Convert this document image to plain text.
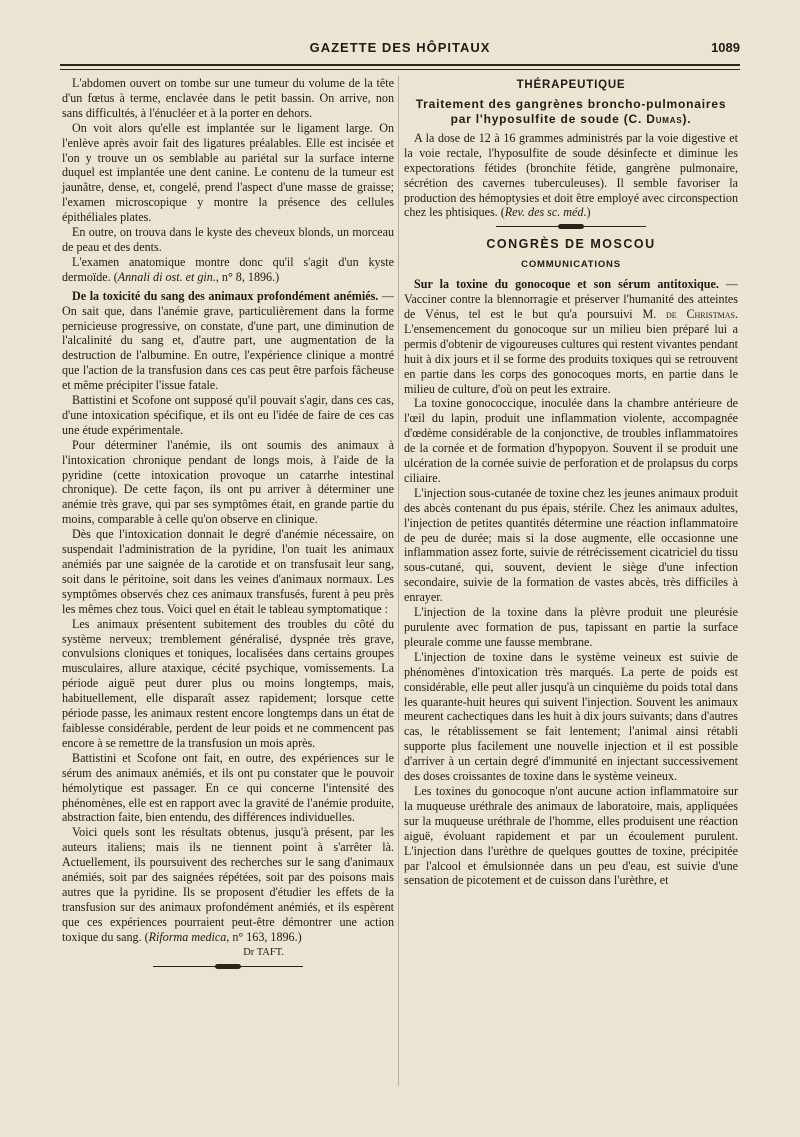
GAZETTE DES HÔPITAUX	1089

L'abdomen ouvert on tombe sur une tumeur du volume de la tête d'un fœtus à terme, enclavée dans le petit bassin. On arrive, non sans difficultés, à l'énucléer et à la porter en dehors.

On voit alors qu'elle est implantée sur le ligament large. On l'enlève après avoir fait des ligatures préalables. Elle est incisée et l'on y trouve un os semblable au pariétal sur la surface interne duquel est implantée une dent canine. Le contenu de la tumeur est jaunâtre, dense, et, congelé, prend l'aspect d'une masse de graisse; l'examen microscopique y montre la présence des cellules épithéliales plates.

En outre, on trouva dans le kyste des cheveux blonds, un morceau de peau et des dents.

L'examen anatomique montre donc qu'il s'agit d'un kyste dermoïde. (Annali di ost. et gin., n° 8, 1896.)

De la toxicité du sang des animaux profondément anémiés. — On sait que, dans l'anémie grave, particulièrement dans la forme pernicieuse progressive, on constate, d'une part, une diminution de l'alcalinité du sang et, d'autre part, une augmentation de la destruction de l'albumine. En outre, l'expérience clinique a montré que l'action de la transfusion dans ces cas peut être parfois fâcheuse et même précipiter l'issue fatale.

Battistini et Scofone ont supposé qu'il pouvait s'agir, dans ces cas, d'une intoxication spécifique, et ils ont eu l'idée de faire de ces cas une étude expérimentale.

Pour déterminer l'anémie, ils ont soumis des animaux à l'intoxication chronique pendant de longs mois, à l'aide de la pyridine (cette intoxication provoque un catarrhe intestinal chronique). De cette façon, ils ont pu arriver à déterminer une anémie très grave, qui par ses symptômes était, en grande partie du moins, comparable à celle qu'on observe en clinique.

Dès que l'intoxication donnait le degré d'anémie nécessaire, on suspendait l'administration de la pyridine, l'on tuait les animaux anémiés par une saignée de la carotide et on transfusait leur sang, soit dans le péritoine, soit dans les veines d'animaux normaux. Les symptômes observés chez ces animaux transfusés, furent à peu près les mêmes chez tous. Voici quel en était le tableau symptomatique :

Les animaux présentent subitement des troubles du côté du système nerveux; tremblement généralisé, dyspnée très grave, convulsions cloniques et toniques, localisées dans certains groupes musculaires, allure ataxique, cécité psychique, vomissements. La période aiguë peut durer plus ou moins longtemps, mais, habituellement, elle disparaît assez rapidement; lorsque cette période passe, les animaux restent encore longtemps dans un état de faiblesse considérable, perdent de leur poids et ne commencent pas encore à se remettre de la transfusion un mois après.

Battistini et Scofone ont fait, en outre, des expériences sur le sérum des animaux anémiés, et ils ont pu constater que le pouvoir hémolytique est passager. En ce qui concerne l'intensité des phénomènes, elle est en rapport avec la gravité de l'anémie produite, abstraction faite, bien entendu, des différences individuelles.

Voici quels sont les résultats obtenus, jusqu'à présent, par les auteurs italiens; mais ils ne tiennent point à s'arrêter là. Actuellement, ils poursuivent des recherches sur le sang d'animaux anémiés, soit par des saignées répétées, soit par des poisons mais autres que la pyridine. Ils se proposent d'étudier les effets de la transfusion sur des animaux profondément anémiés, et ils espèrent que ces expériences pourraient peut-être démontrer une action toxique du sang. (Riforma medica, n° 163, 1896.)

Dr TAFT.
THÉRAPEUTIQUE
Traitement des gangrènes broncho-pulmonaires par l'hyposulfite de soude (C. Dumas).

A la dose de 12 à 16 grammes administrés par la voie digestive et la voie rectale, l'hyposulfite de soude désinfecte et diminue les expectorations fétides (bronchite fétide, gangrène pulmonaire, sécrétion des cavernes tuberculeuses). Il semble favoriser la production des hémoptysies et doit être employé avec circonspection chez les phtisiques. (Rev. des sc. méd.)

CONGRÈS DE MOSCOU
COMMUNICATIONS

Sur la toxine du gonocoque et son sérum antitoxique. — Vacciner contre la blennorragie et préserver l'humanité des atteintes de Vénus, tel est le but qu'a poursuivi M. de Christmas. L'ensemencement du gonocoque sur un milieu bien préparé lui a permis d'obtenir de vigoureuses cultures qui restent vivantes pendant huit à dix jours et il se forme des produits toxiques qui se retrouvent en partie dans les corps des gonocoques morts, en partie dans le milieu de culture, d'où on peut les extraire.

La toxine gonococcique, inoculée dans la chambre antérieure de l'œil du lapin, produit une inflammation violente, accompagnée d'œdème considérable de la conjonctive, de troubles inflammatoires de la cornée et de formation d'hypopyon. Souvent il se produit une ulcération de la cornée suivie de perforation et de prolapsus du corps ciliaire.

L'injection sous-cutanée de toxine chez les jeunes animaux produit des abcès contenant du pus épais, stérile. Chez les animaux adultes, l'injection de petites quantités détermine une réaction inflammatoire de peu de durée; mais si la dose augmente, elle occasionne une inflammation assez forte, suivie de rétrécissement cicatriciel du tissu sous-cutané, qui, souvent, devient le siège d'une infection secondaire, suivie de la formation de vastes abcès, très difficiles à enrayer.

L'injection de la toxine dans la plèvre produit une pleurésie purulente avec formation de pus, tapissant en partie la surface pleurale comme une fausse membrane.

L'injection de toxine dans le système veineux est suivie de phénomènes d'intoxication très marqués. La perte de poids est considérable, elle peut aller jusqu'à un cinquième du poids total dans les quarante-huit heures qui suivent l'injection. Souvent les animaux meurent cachectiques dans les huit à dix jours suivants; dans d'autres cas, le rétablissement se fait lentement; l'animal ainsi rétabli supporte plus facilement une nouvelle injection et il est possible d'arriver à un certain degré d'immunité en injectant successivement des doses croissantes de toxine dans le système veineux.

Les toxines du gonocoque n'ont aucune action inflammatoire sur la muqueuse uréthrale des animaux de laboratoire, mais, appliquées sur la muqueuse uréthrale de l'homme, elles produisent une réaction aiguë, évoluant rapidement et par un écoulement purulent. L'injection dans l'urèthre de quelques gouttes de toxine, précipitée par l'alcool et émulsionnée dans un peu d'eau, est suivie d'une sensation de picotement et de cuisson dans l'urèthre, et
